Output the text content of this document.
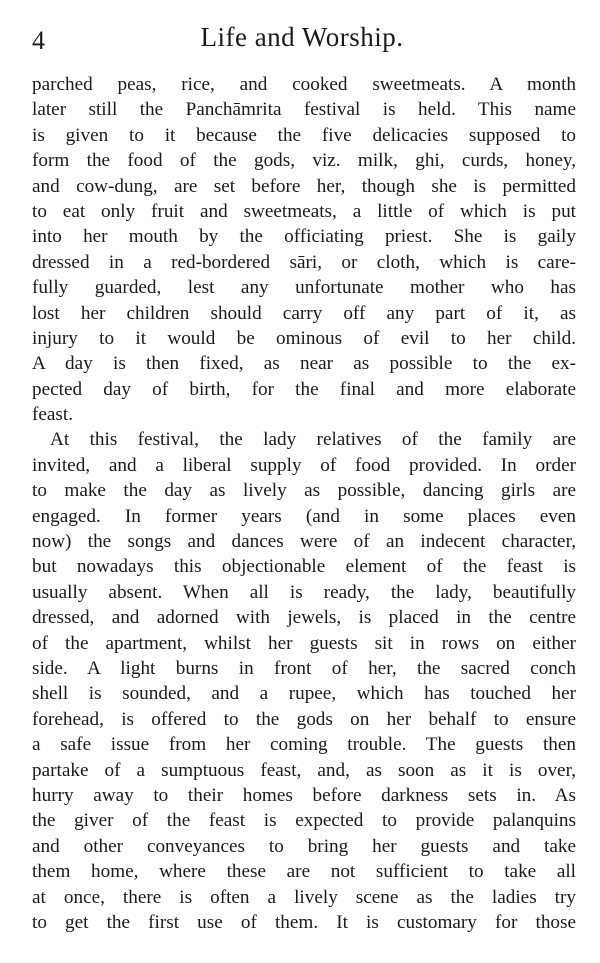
4	Life and Worship.
parched peas, rice, and cooked sweetmeats. A month
later still the Panchāmrita festival is held. This name
is given to it because the five delicacies supposed to
form the food of the gods, viz. milk, ghi, curds, honey,
and cow-dung, are set before her, though she is permitted
to eat only fruit and sweetmeats, a little of which is put
into her mouth by the officiating priest. She is gaily
dressed in a red-bordered sāri, or cloth, which is care-
fully guarded, lest any unfortunate mother who has
lost her children should carry off any part of it, as
injury to it would be ominous of evil to her child.
A day is then fixed, as near as possible to the ex-
pected day of birth, for the final and more elaborate
feast.
At this festival, the lady relatives of the family are
invited, and a liberal supply of food provided. In order
to make the day as lively as possible, dancing girls are
engaged. In former years (and in some places even
now) the songs and dances were of an indecent character,
but nowadays this objectionable element of the feast is
usually absent. When all is ready, the lady, beautifully
dressed, and adorned with jewels, is placed in the centre
of the apartment, whilst her guests sit in rows on either
side. A light burns in front of her, the sacred conch
shell is sounded, and a rupee, which has touched her
forehead, is offered to the gods on her behalf to ensure
a safe issue from her coming trouble. The guests then
partake of a sumptuous feast, and, as soon as it is over,
hurry away to their homes before darkness sets in. As
the giver of the feast is expected to provide palanquins
and other conveyances to bring her guests and take
them home, where these are not sufficient to take all
at once, there is often a lively scene as the ladies try
to get the first use of them. It is customary for those
